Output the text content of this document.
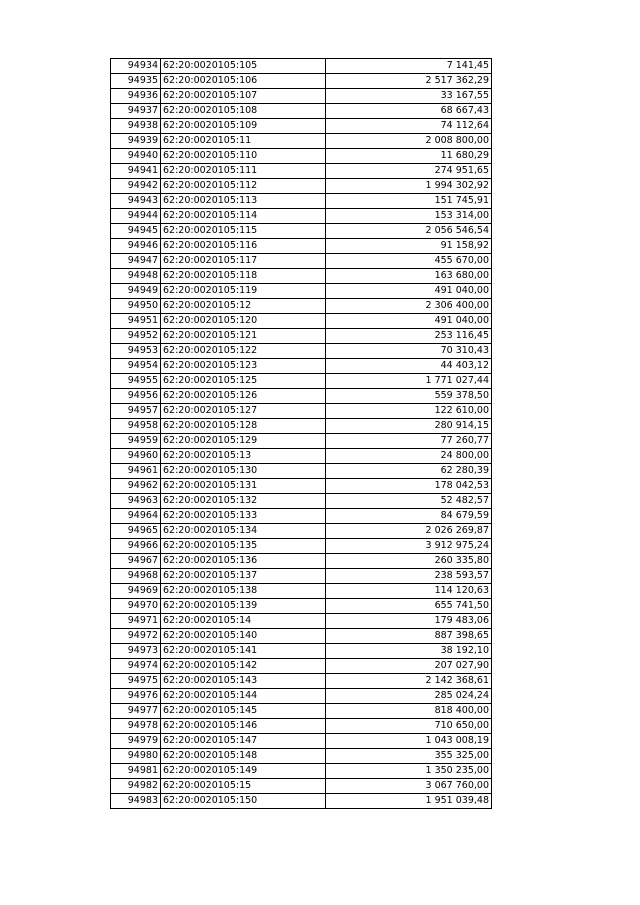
94934	62:20:0020105:105	7 141,45
94935	62:20:0020105:106	2 517 362,29
94936	62:20:0020105:107	33 167,55
94937	62:20:0020105:108	68 667,43
94938	62:20:0020105:109	74 112,64
94939	62:20:0020105:11	2 008 800,00
94940	62:20:0020105:110	11 680,29
94941	62:20:0020105:111	274 951,65
94942	62:20:0020105:112	1 994 302,92
94943	62:20:0020105:113	151 745,91
94944	62:20:0020105:114	153 314,00
94945	62:20:0020105:115	2 056 546,54
94946	62:20:0020105:116	91 158,92
94947	62:20:0020105:117	455 670,00
94948	62:20:0020105:118	163 680,00
94949	62:20:0020105:119	491 040,00
94950	62:20:0020105:12	2 306 400,00
94951	62:20:0020105:120	491 040,00
94952	62:20:0020105:121	253 116,45
94953	62:20:0020105:122	70 310,43
94954	62:20:0020105:123	44 403,12
94955	62:20:0020105:125	1 771 027,44
94956	62:20:0020105:126	559 378,50
94957	62:20:0020105:127	122 610,00
94958	62:20:0020105:128	280 914,15
94959	62:20:0020105:129	77 260,77
94960	62:20:0020105:13	24 800,00
94961	62:20:0020105:130	62 280,39
94962	62:20:0020105:131	178 042,53
94963	62:20:0020105:132	52 482,57
94964	62:20:0020105:133	84 679,59
94965	62:20:0020105:134	2 026 269,87
94966	62:20:0020105:135	3 912 975,24
94967	62:20:0020105:136	260 335,80
94968	62:20:0020105:137	238 593,57
94969	62:20:0020105:138	114 120,63
94970	62:20:0020105:139	655 741,50
94971	62:20:0020105:14	179 483,06
94972	62:20:0020105:140	887 398,65
94973	62:20:0020105:141	38 192,10
94974	62:20:0020105:142	207 027,90
94975	62:20:0020105:143	2 142 368,61
94976	62:20:0020105:144	285 024,24
94977	62:20:0020105:145	818 400,00
94978	62:20:0020105:146	710 650,00
94979	62:20:0020105:147	1 043 008,19
94980	62:20:0020105:148	355 325,00
94981	62:20:0020105:149	1 350 235,00
94982	62:20:0020105:15	3 067 760,00
94983	62:20:0020105:150	1 951 039,48
